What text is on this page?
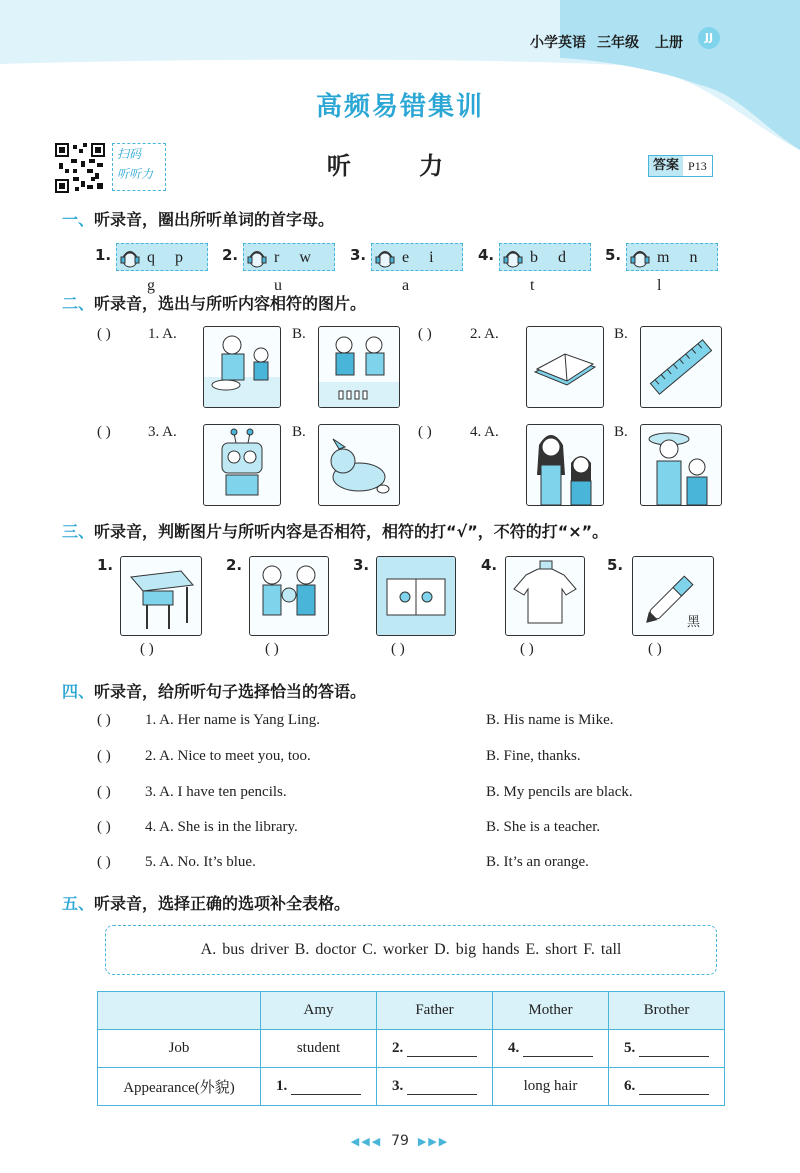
小学英语 三年级 上册	JJ
高频易错集训
扫码
听听力	听 力	答案 P13
一、听录音，圈出所听单词的首字母。
1.	q p g
2.	r w u
3.	e i a
4.	b d t
5.	m n l
二、听录音，选出与所听内容相符的图片。
( ) 1. A.	B.	( )	2. A.	B.
( ) 3. A.	B.	( )	4. A.	B.
三、听录音，判断图片与所听内容是否相符，相符的打“√”，不符的打“×”。
1.
( )
2.
( )
3.
( )
4.
( )
5.
黑
( )
四、听录音，给所听句子选择恰当的答语。
( ) 1. A. Her name is Yang Ling.	B. His name is Mike.
( ) 2. A. Nice to meet you, too.	B. Fine, thanks.
( ) 3. A. I have ten pencils.	B. My pencils are black.
( ) 4. A. She is in the library.	B. She is a teacher.
( ) 5. A. No. It’s blue.	B. It’s an orange.
五、听录音，选择正确的选项补全表格。
A. bus driver B. doctor C. worker D. big hands E. short F. tall
	Amy	Father	Mother	Brother
Job	student	2.	4.	5.
Appearance(外貌)	1.	3.	long hair	6.
◀◀◀ 79 ▶▶▶
